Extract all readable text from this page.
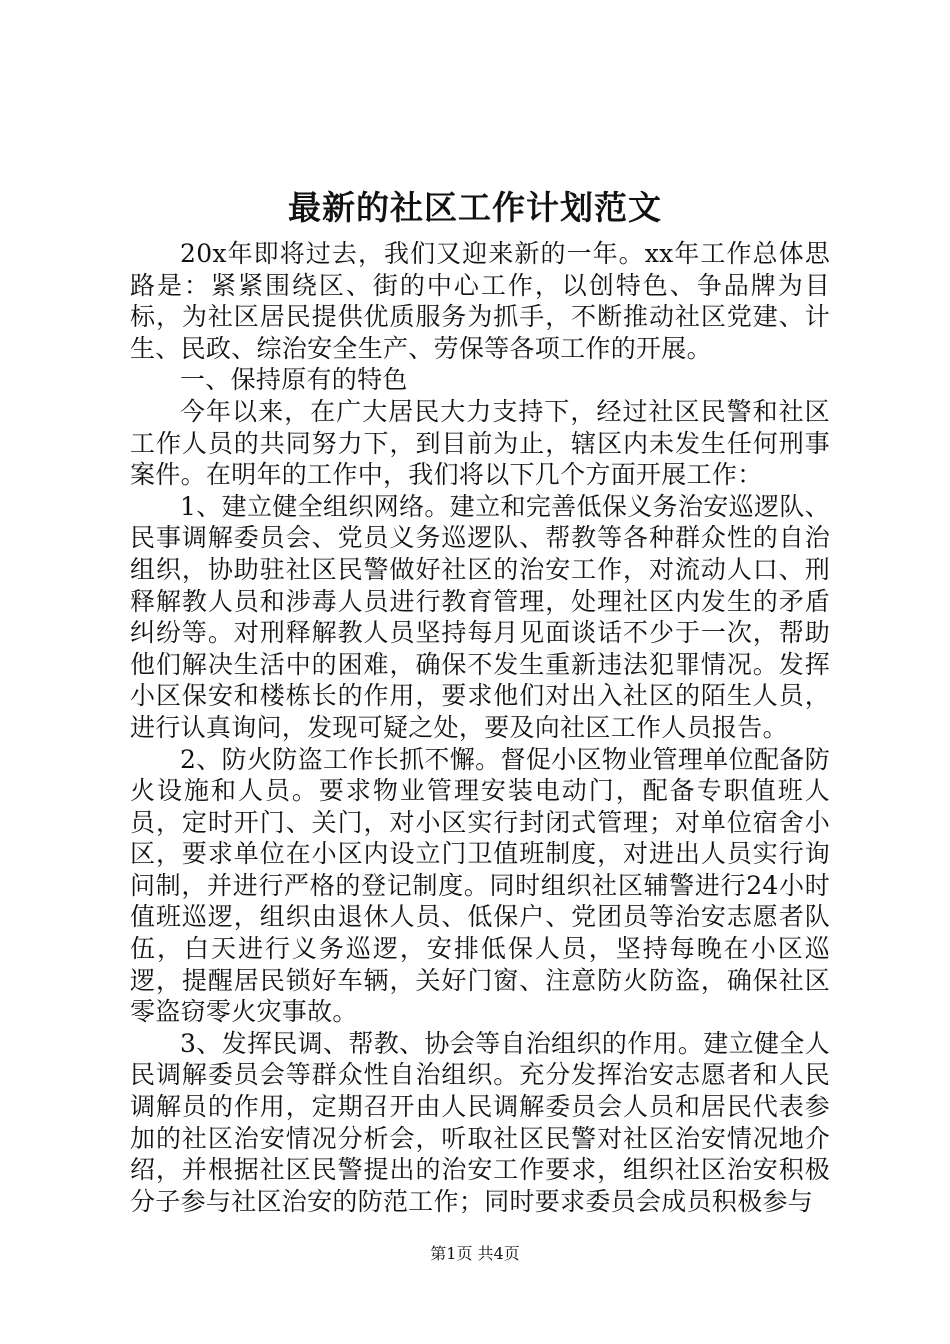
最新的社区工作计划范文

20x年即将过去，我们又迎来新的一年。xx年工作总体思路是：紧紧围绕区、街的中心工作，以创特色、争品牌为目标，为社区居民提供优质服务为抓手，不断推动社区党建、计生、民政、综治安全生产、劳保等各项工作的开展。

一、保持原有的特色

今年以来，在广大居民大力支持下，经过社区民警和社区工作人员的共同努力下，到目前为止，辖区内未发生任何刑事案件。在明年的工作中，我们将以下几个方面开展工作：

1、建立健全组织网络。建立和完善低保义务治安巡逻队、民事调解委员会、党员义务巡逻队、帮教等各种群众性的自治组织，协助驻社区民警做好社区的治安工作，对流动人口、刑释解教人员和涉毒人员进行教育管理，处理社区内发生的矛盾纠纷等。对刑释解教人员坚持每月见面谈话不少于一次，帮助他们解决生活中的困难，确保不发生重新违法犯罪情况。发挥小区保安和楼栋长的作用，要求他们对出入社区的陌生人员，进行认真询问，发现可疑之处，要及向社区工作人员报告。

2、防火防盗工作长抓不懈。督促小区物业管理单位配备防火设施和人员。要求物业管理安装电动门，配备专职值班人员，定时开门、关门，对小区实行封闭式管理；对单位宿舍小区，要求单位在小区内设立门卫值班制度，对进出人员实行询问制，并进行严格的登记制度。同时组织社区辅警进行24小时值班巡逻，组织由退休人员、低保户、党团员等治安志愿者队伍，白天进行义务巡逻，安排低保人员，坚持每晚在小区巡逻，提醒居民锁好车辆，关好门窗、注意防火防盗，确保社区零盗窃零火灾事故。

3、发挥民调、帮教、协会等自治组织的作用。建立健全人民调解委员会等群众性自治组织。充分发挥治安志愿者和人民调解员的作用，定期召开由人民调解委员会人员和居民代表参加的社区治安情况分析会，听取社区民警对社区治安情况地介绍，并根据社区民警提出的治安工作要求，组织社区治安积极分子参与社区治安的防范工作；同时要求委员会成员积极参与

第1页 共4页
